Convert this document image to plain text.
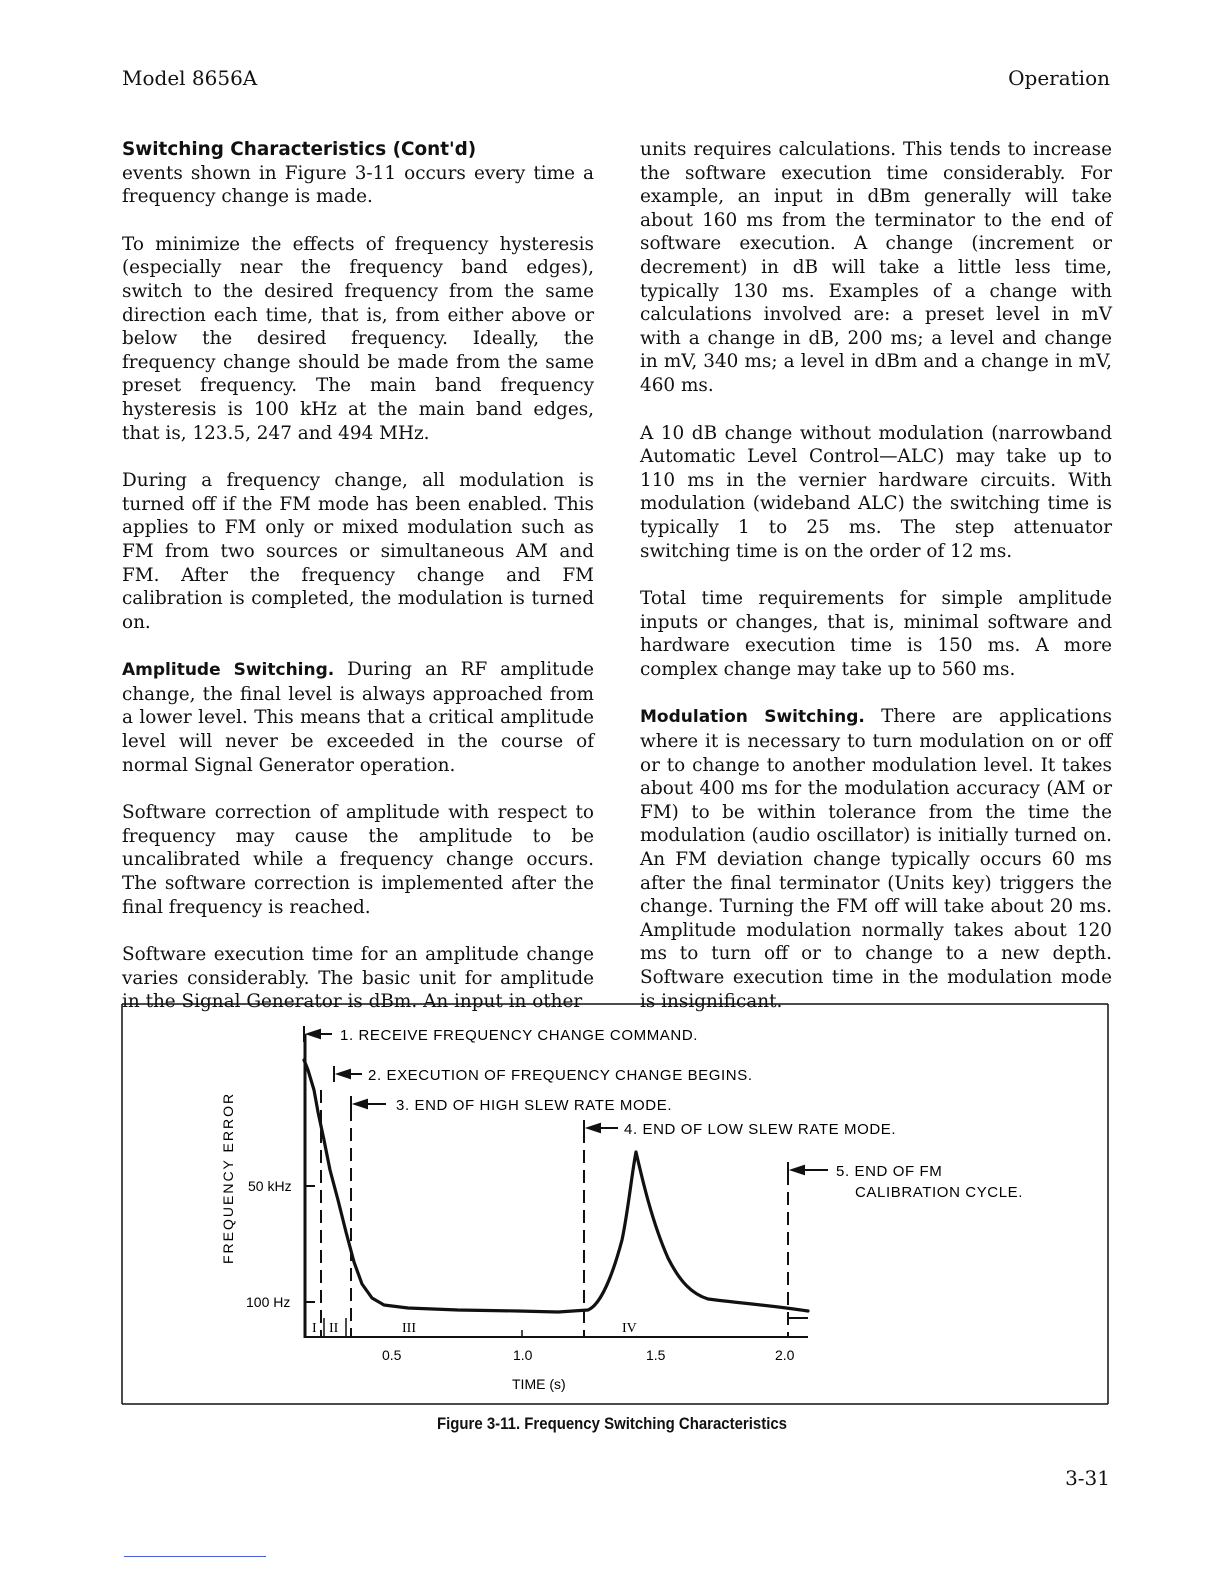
Model 8656A	Operation
Switching Characteristics (Cont'd)

events shown in Figure 3-11 occurs every time a frequency change is made.

To minimize the effects of frequency hysteresis (especially near the frequency band edges), switch to the desired frequency from the same direction each time, that is, from either above or below the desired frequency. Ideally, the frequency change should be made from the same preset frequency. The main band frequency hysteresis is 100 kHz at the main band edges, that is, 123.5, 247 and 494 MHz.

During a frequency change, all modulation is turned off if the FM mode has been enabled. This applies to FM only or mixed modulation such as FM from two sources or simultaneous AM and FM. After the frequency change and FM calibration is completed, the modulation is turned on.

Amplitude Switching. During an RF amplitude change, the final level is always approached from a lower level. This means that a critical amplitude level will never be exceeded in the course of normal Signal Generator operation.

Software correction of amplitude with respect to frequency may cause the amplitude to be uncalibrated while a frequency change occurs. The software correction is implemented after the final frequency is reached.

Software execution time for an amplitude change varies considerably. The basic unit for amplitude in the Signal Generator is dBm. An input in other

units requires calculations. This tends to increase the software execution time considerably. For example, an input in dBm generally will take about 160 ms from the terminator to the end of software execution. A change (increment or decrement) in dB will take a little less time, typically 130 ms. Examples of a change with calculations involved are: a preset level in mV with a change in dB, 200 ms; a level and change in mV, 340 ms; a level in dBm and a change in mV, 460 ms.

A 10 dB change without modulation (narrowband Automatic Level Control—ALC) may take up to 110 ms in the vernier hardware circuits. With modulation (wideband ALC) the switching time is typically 1 to 25 ms. The step attenuator switching time is on the order of 12 ms.

Total time requirements for simple amplitude inputs or changes, that is, minimal software and hardware execution time is 150 ms. A more complex change may take up to 560 ms.

Modulation Switching. There are applications where it is necessary to turn modulation on or off or to change to another modulation level. It takes about 400 ms for the modulation accuracy (AM or FM) to be within tolerance from the time the modulation (audio oscillator) is initially turned on. An FM deviation change typically occurs 60 ms after the final terminator (Units key) triggers the change. Turning the FM off will take about 20 ms. Amplitude modulation normally takes about 120 ms to turn off or to change to a new depth. Software execution time in the modulation mode is insignificant.

FREQUENCY ERROR 50 kHz
100 Hz
0.5	1.0	1.5	2.0
TIME (s)
1. RECEIVE FREQUENCY CHANGE COMMAND.
2. EXECUTION OF FREQUENCY CHANGE BEGINS.
3. END OF HIGH SLEW RATE MODE.
4. END OF LOW SLEW RATE MODE.
5. END OF FM
CALIBRATION CYCLE.
I II	III	IV
Figure 3-11. Frequency Switching Characteristics
3-31
